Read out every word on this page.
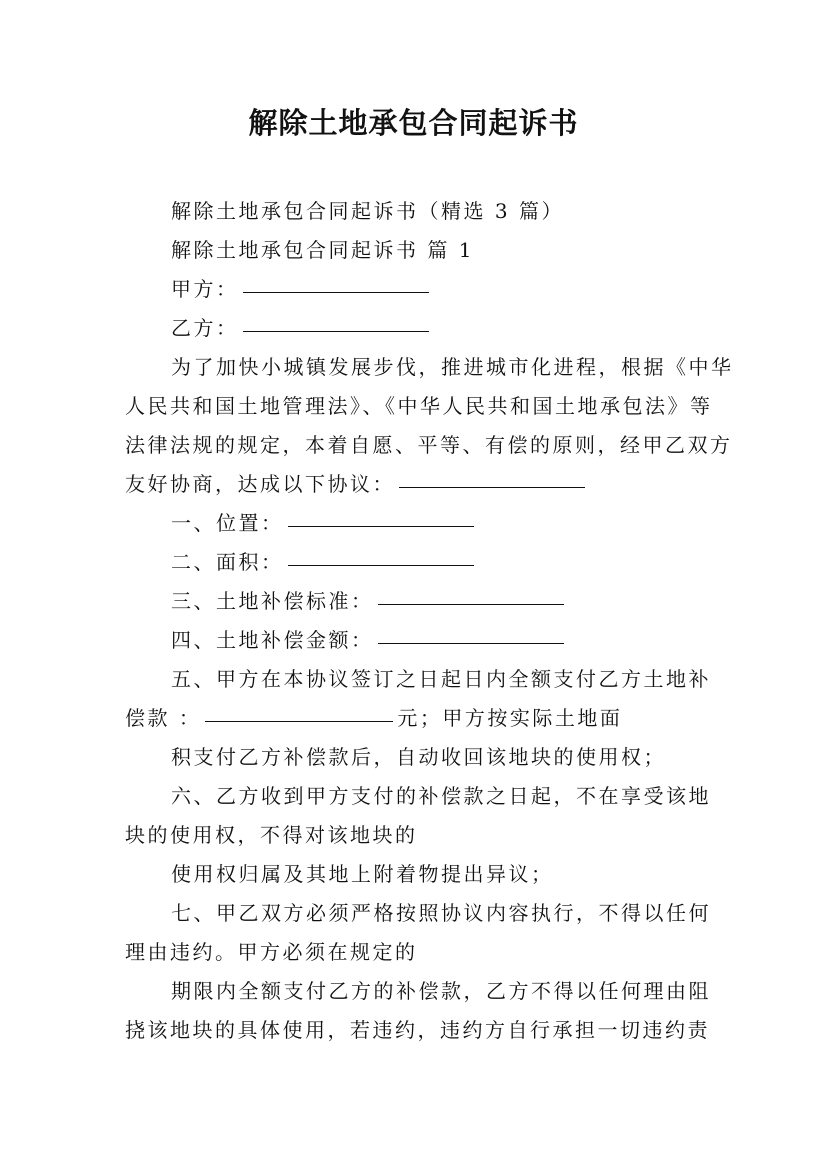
解除土地承包合同起诉书
解除土地承包合同起诉书（精选 3 篇）
解除土地承包合同起诉书 篇 1
甲方：
乙方：
为了加快小城镇发展步伐，推进城市化进程，根据《中华
人民共和国土地管理法》、《中华人民共和国土地承包法》等
法律法规的规定，本着自愿、平等、有偿的原则，经甲乙双方
友好协商，达成以下协议：
一、位置：
二、面积：
三、土地补偿标准：
四、土地补偿金额：
五、甲方在本协议签订之日起日内全额支付乙方土地补
偿款 ：	元；甲方按实际土地面
积支付乙方补偿款后，自动收回该地块的使用权；
六、乙方收到甲方支付的补偿款之日起，不在享受该地
块的使用权，不得对该地块的
使用权归属及其地上附着物提出异议；
七、甲乙双方必须严格按照协议内容执行，不得以任何
理由违约。甲方必须在规定的
期限内全额支付乙方的补偿款，乙方不得以任何理由阻
挠该地块的具体使用，若违约，违约方自行承担一切违约责
